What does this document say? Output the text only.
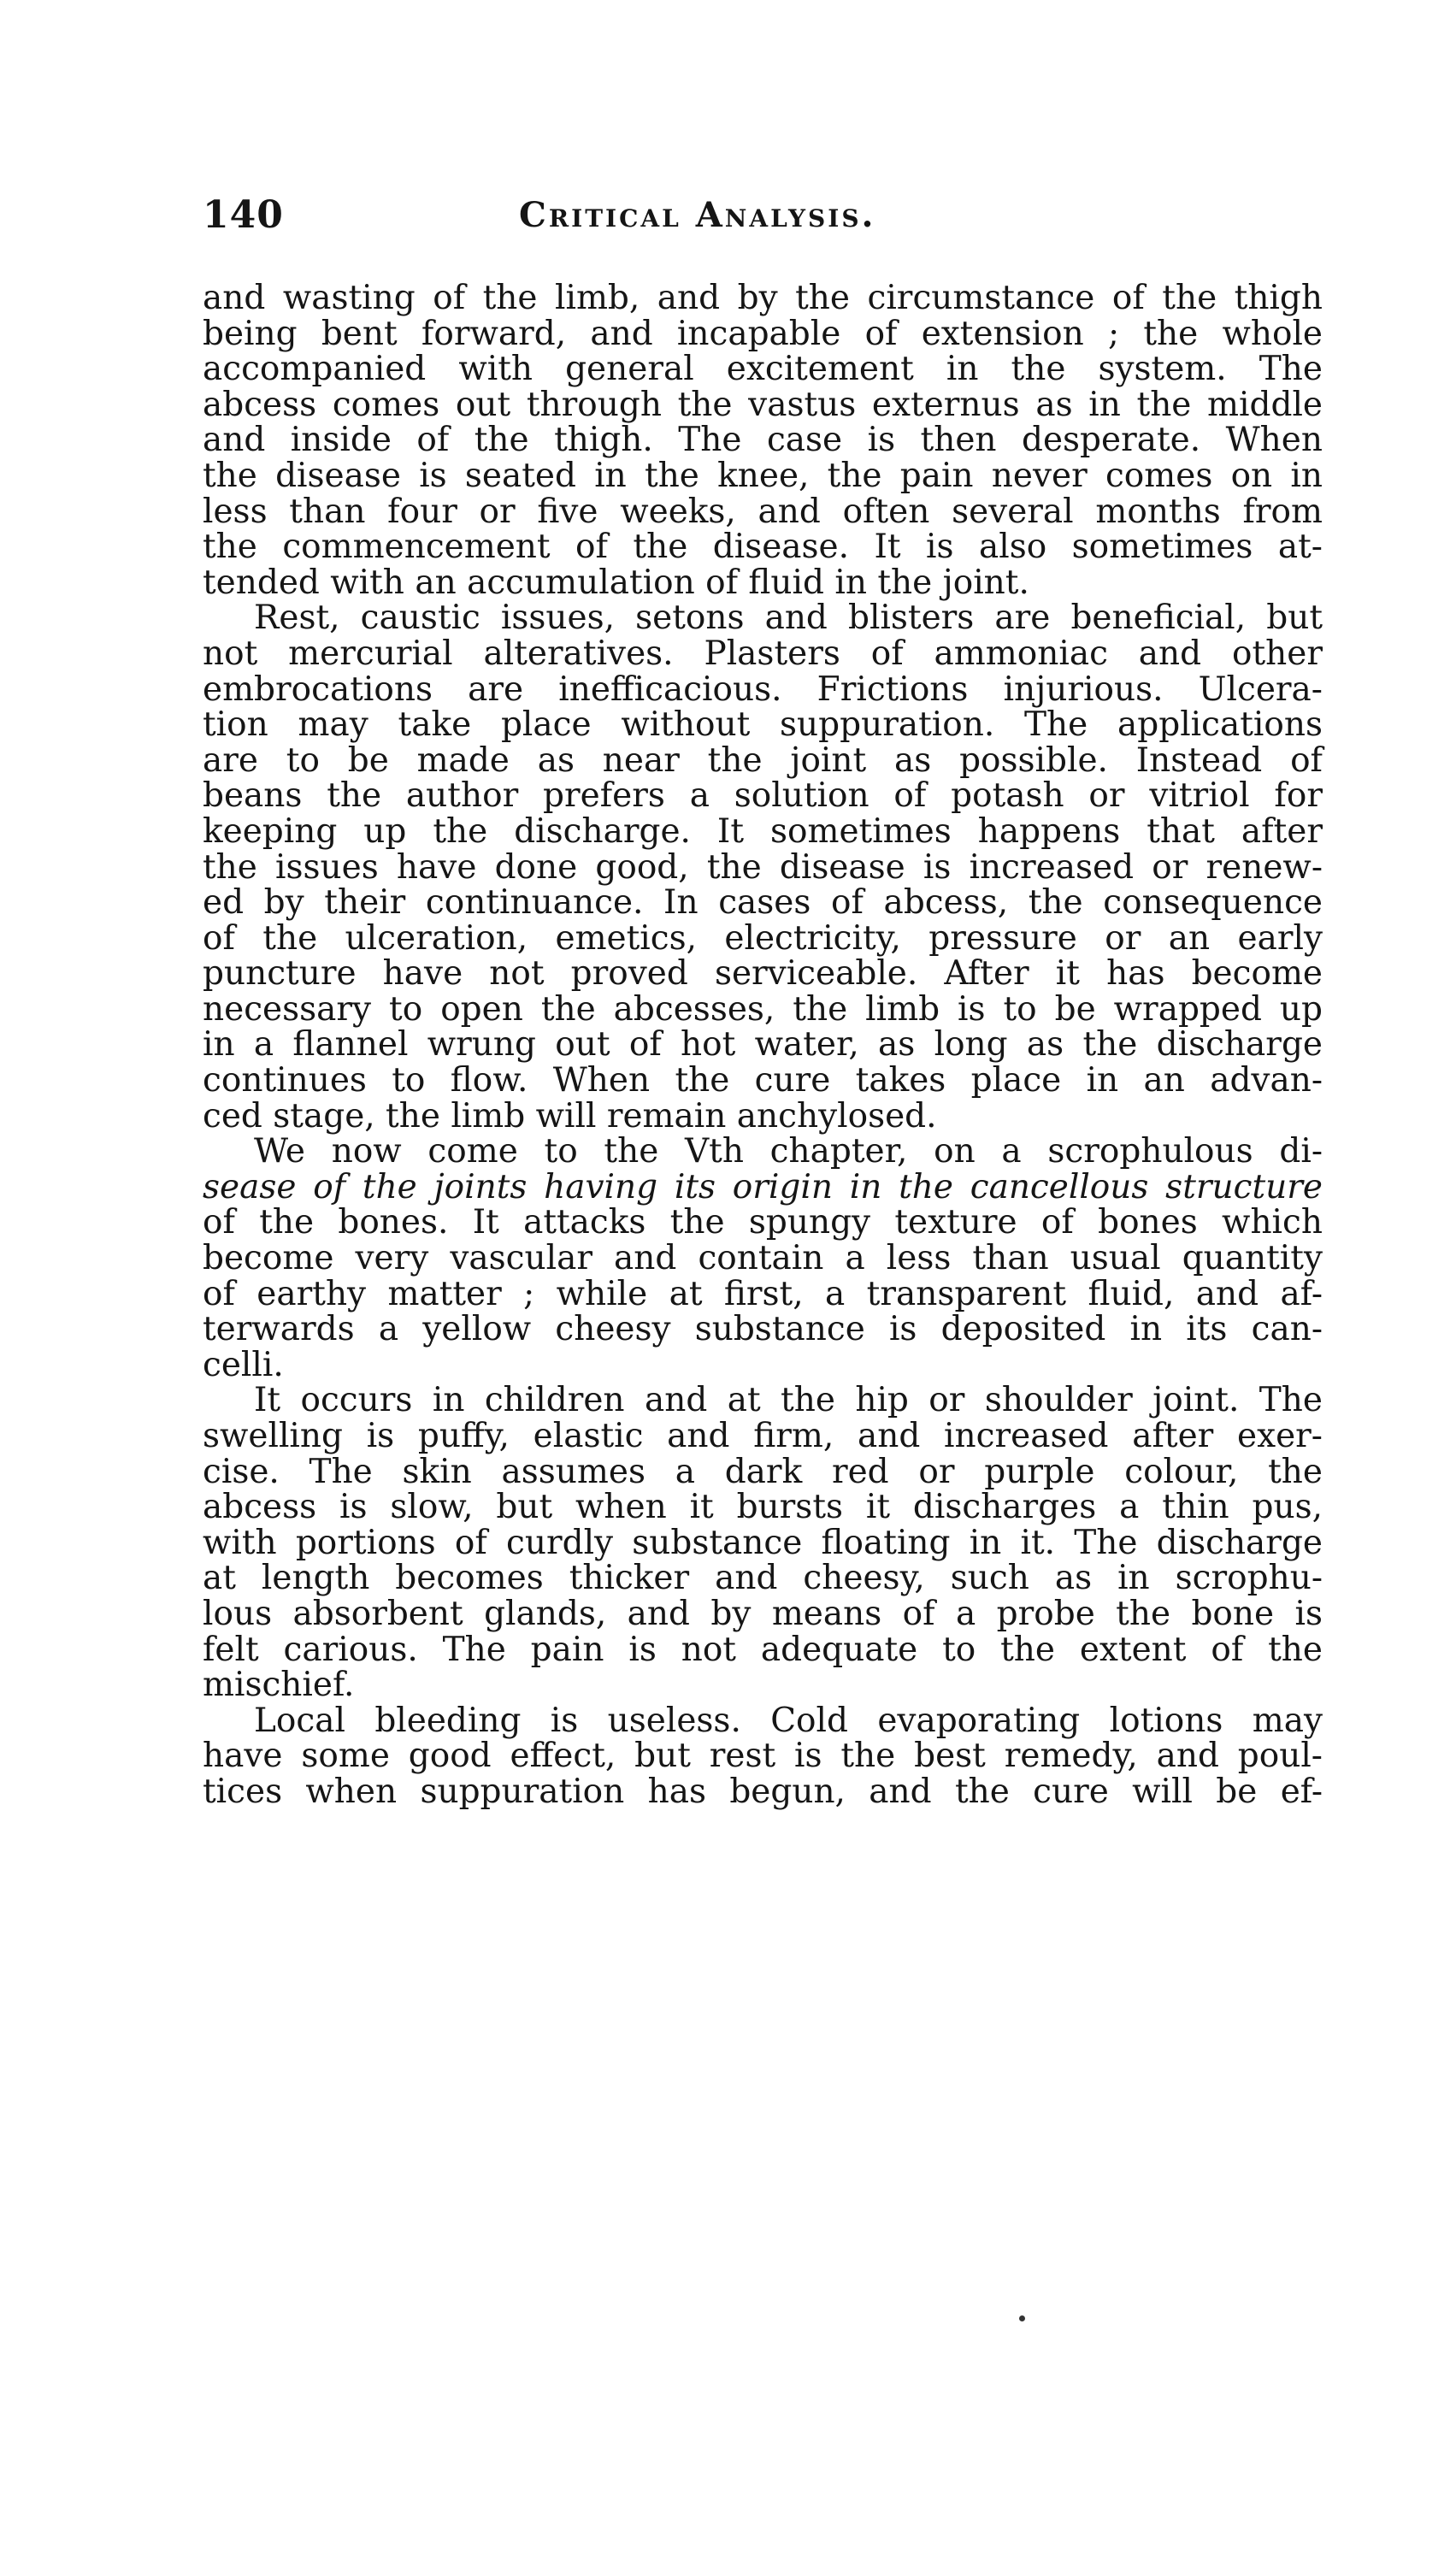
140	Critical Analysis.
and wasting of the limb, and by the circumstance of the thigh
being bent forward, and incapable of extension ; the whole
accompanied with general excitement in the system. The
abcess comes out through the vastus externus as in the middle
and inside of the thigh. The case is then desperate. When
the disease is seated in the knee, the pain never comes on in
less than four or five weeks, and often several months from
the commencement of the disease. It is also sometimes at-
tended with an accumulation of fluid in the joint.
Rest, caustic issues, setons and blisters are beneficial, but
not mercurial alteratives. Plasters of ammoniac and other
embrocations are inefficacious. Frictions injurious. Ulcera-
tion may take place without suppuration. The applications
are to be made as near the joint as possible. Instead of
beans the author prefers a solution of potash or vitriol for
keeping up the discharge. It sometimes happens that after
the issues have done good, the disease is increased or renew-
ed by their continuance. In cases of abcess, the consequence
of the ulceration, emetics, electricity, pressure or an early
puncture have not proved serviceable. After it has become
necessary to open the abcesses, the limb is to be wrapped up
in a flannel wrung out of hot water, as long as the discharge
continues to flow. When the cure takes place in an advan-
ced stage, the limb will remain anchylosed.
We now come to the Vth chapter, on a scrophulous di-
sease of the joints having its origin in the cancellous structure
of the bones. It attacks the spungy texture of bones which
become very vascular and contain a less than usual quantity
of earthy matter ; while at first, a transparent fluid, and af-
terwards a yellow cheesy substance is deposited in its can-
celli.
It occurs in children and at the hip or shoulder joint. The
swelling is puffy, elastic and firm, and increased after exer-
cise. The skin assumes a dark red or purple colour, the
abcess is slow, but when it bursts it discharges a thin pus,
with portions of curdly substance floating in it. The discharge
at length becomes thicker and cheesy, such as in scrophu-
lous absorbent glands, and by means of a probe the bone is
felt carious. The pain is not adequate to the extent of the
mischief.
Local bleeding is useless. Cold evaporating lotions may
have some good effect, but rest is the best remedy, and poul-
tices when suppuration has begun, and the cure will be ef-
